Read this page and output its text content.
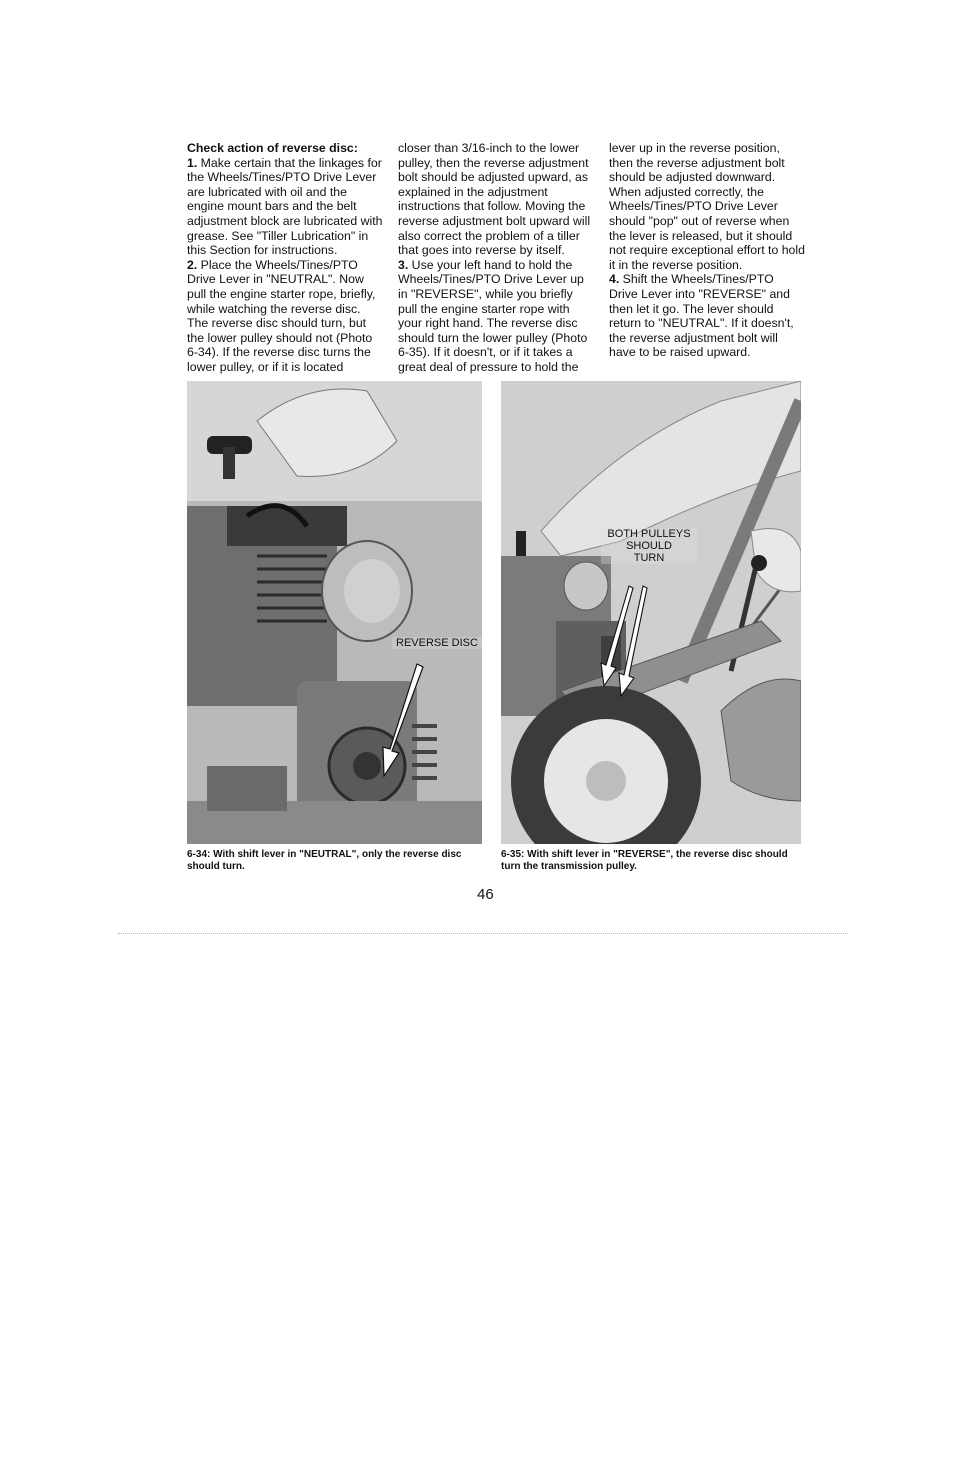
Check action of reverse disc:

1. Make certain that the linkages for the Wheels/Tines/PTO Drive Lever are lubricated with oil and the engine mount bars and the belt adjustment block are lubricated with grease. See "Tiller Lubrication" in this Section for instructions.

2. Place the Wheels/Tines/PTO Drive Lever in "NEUTRAL". Now pull the engine starter rope, briefly, while watching the reverse disc. The reverse disc should turn, but the lower pulley should not (Photo 6-34). If the reverse disc turns the lower pulley, or if it is located

closer than 3/16-inch to the lower pulley, then the reverse adjustment bolt should be adjusted upward, as explained in the adjustment instructions that follow. Moving the reverse adjustment bolt upward will also correct the problem of a tiller that goes into reverse by itself.

3. Use your left hand to hold the Wheels/Tines/PTO Drive Lever up in "REVERSE", while you briefly pull the engine starter rope with your right hand. The reverse disc should turn the lower pulley (Photo 6-35). If it doesn't, or if it takes a great deal of pressure to hold the

lever up in the reverse position, then the reverse adjustment bolt should be adjusted downward. When adjusted correctly, the Wheels/Tines/PTO Drive Lever should "pop" out of reverse when the lever is released, but it should not require exceptional effort to hold it in the reverse position.

4. Shift the Wheels/Tines/PTO Drive Lever into "REVERSE" and then let it go. The lever should return to "NEUTRAL". If it doesn't, the reverse adjustment bolt will have to be raised upward.

REVERSE DISC
BOTH PULLEYS
SHOULD
TURN
6-34: With shift lever in "NEUTRAL", only the reverse disc should turn.
6-35: With shift lever in "REVERSE", the reverse disc should turn the transmission pulley.
46
